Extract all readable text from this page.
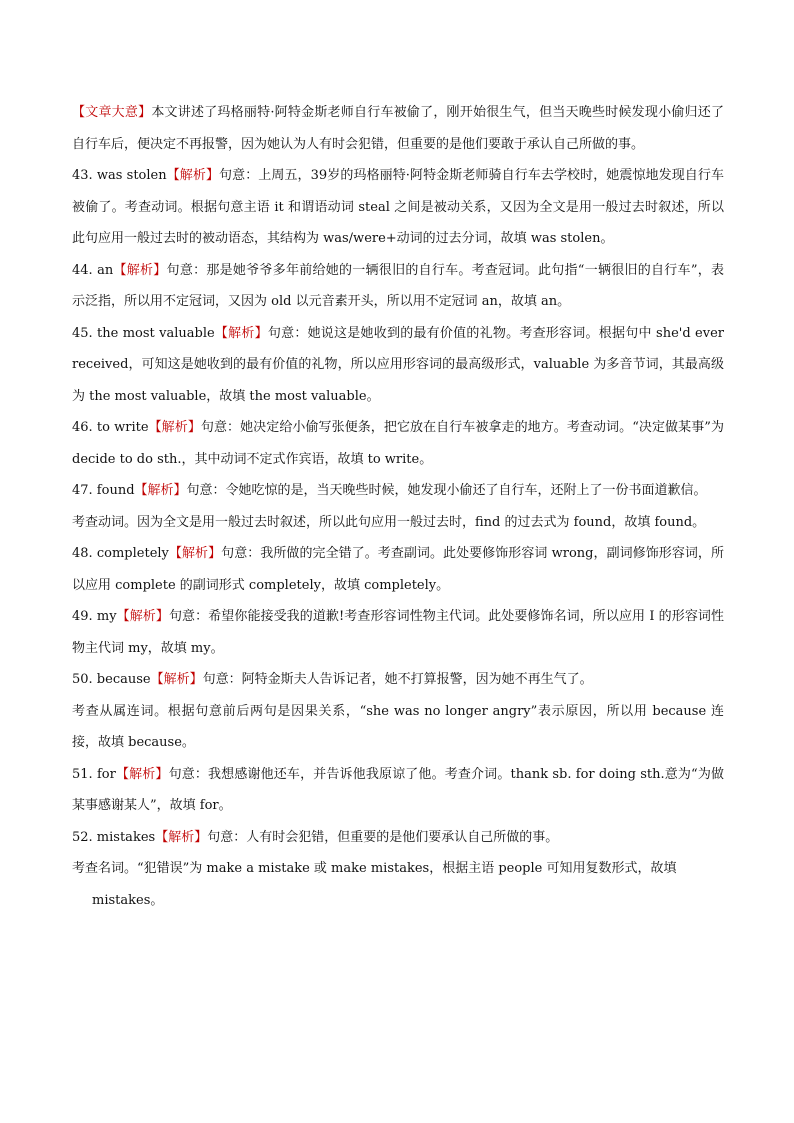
【文章大意】本文讲述了玛格丽特·阿特金斯老师自行车被偷了，刚开始很生气，但当天晚些时候发现小偷归还了自行车后，便决定不再报警，因为她认为人有时会犯错，但重要的是他们要敢于承认自己所做的事。

43. was stolen【解析】句意：上周五，39岁的玛格丽特·阿特金斯老师骑自行车去学校时，她震惊地发现自行车被偷了。考查动词。根据句意主语 it 和谓语动词 steal 之间是被动关系，又因为全文是用一般过去时叙述，所以此句应用一般过去时的被动语态，其结构为 was/were+动词的过去分词，故填 was stolen。

44. an【解析】句意：那是她爷爷多年前给她的一辆很旧的自行车。考查冠词。此句指“一辆很旧的自行车”，表示泛指，所以用不定冠词，又因为 old 以元音素开头，所以用不定冠词 an，故填 an。

45. the most valuable【解析】句意：她说这是她收到的最有价值的礼物。考查形容词。根据句中 she'd ever received，可知这是她收到的最有价值的礼物，所以应用形容词的最高级形式，valuable 为多音节词，其最高级为 the most valuable，故填 the most valuable。

46. to write【解析】句意：她决定给小偷写张便条，把它放在自行车被拿走的地方。考查动词。“决定做某事”为 decide to do sth.，其中动词不定式作宾语，故填 to write。

47. found【解析】句意：令她吃惊的是，当天晚些时候，她发现小偷还了自行车，还附上了一份书面道歉信。

考查动词。因为全文是用一般过去时叙述，所以此句应用一般过去时，find 的过去式为 found，故填 found。

48. completely【解析】句意：我所做的完全错了。考查副词。此处要修饰形容词 wrong，副词修饰形容词，所以应用 complete 的副词形式 completely，故填 completely。

49. my【解析】句意：希望你能接受我的道歉!考查形容词性物主代词。此处要修饰名词，所以应用 I 的形容词性物主代词 my，故填 my。

50. because【解析】句意：阿特金斯夫人告诉记者，她不打算报警，因为她不再生气了。

考查从属连词。根据句意前后两句是因果关系，“she was no longer angry”表示原因，所以用 because 连接，故填 because。

51. for【解析】句意：我想感谢他还车，并告诉他我原谅了他。考查介词。thank sb. for doing sth.意为“为做某事感谢某人”，故填 for。

52. mistakes【解析】句意：人有时会犯错，但重要的是他们要承认自己所做的事。

考查名词。“犯错误”为 make a mistake 或 make mistakes，根据主语 people 可知用复数形式，故填

mistakes。
